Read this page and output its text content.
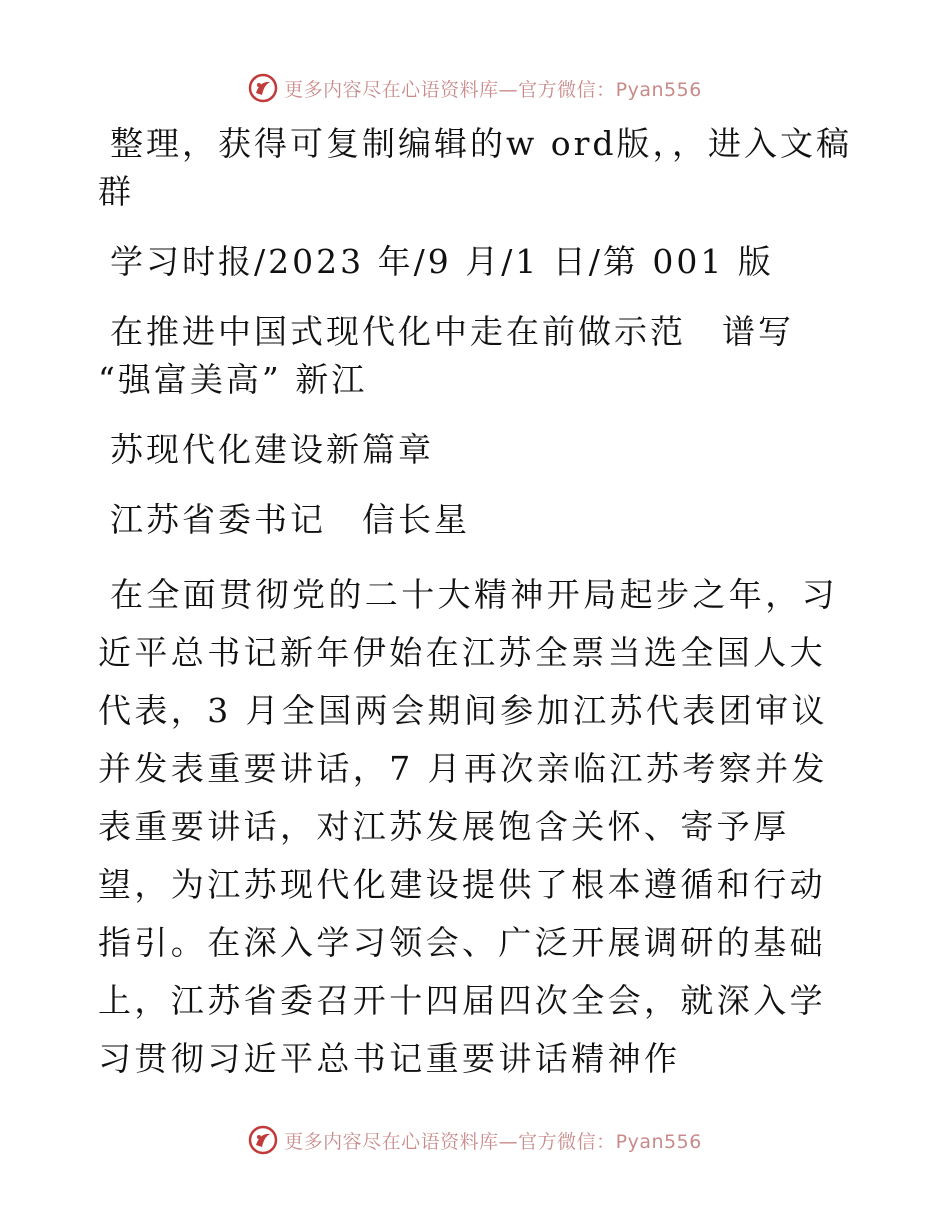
更多内容尽在心语资料库—官方微信：Pyan556

整理，获得可复制编辑的w ord版，，进入文稿群

学习时报/2023 年/9 月/1 日/第 001 版

在推进中国式现代化中走在前做示范　谱写 “强富美高” 新江

苏现代化建设新篇章

江苏省委书记　信长星

在全面贯彻党的二十大精神开局起步之年，习近平总书记新年伊始在江苏全票当选全国人大代表，3 月全国两会期间参加江苏代表团审议并发表重要讲话，7 月再次亲临江苏考察并发表重要讲话，对江苏发展饱含关怀、寄予厚望，为江苏现代化建设提供了根本遵循和行动指引。在深入学习领会、广泛开展调研的基础上，江苏省委召开十四届四次全会，就深入学习贯彻习近平总书记重要讲话精神作

更多内容尽在心语资料库—官方微信：Pyan556
